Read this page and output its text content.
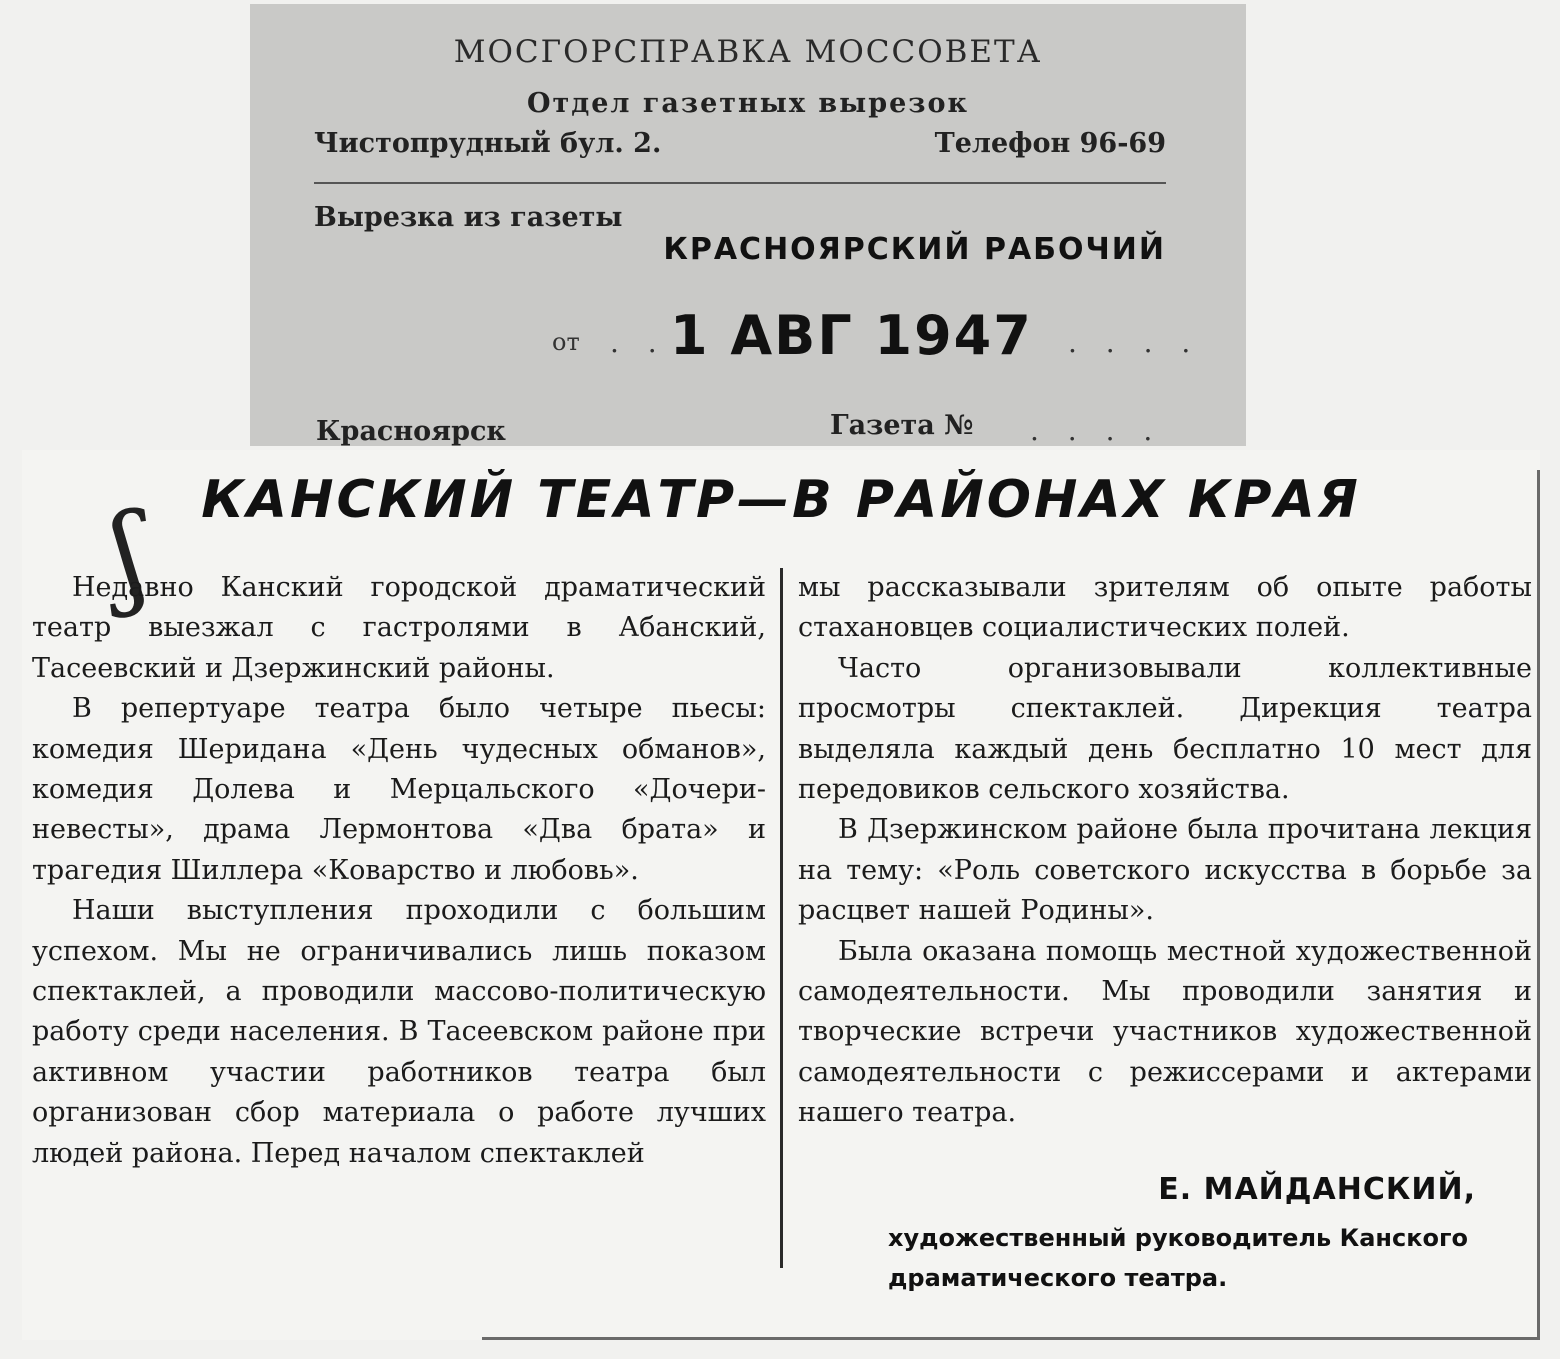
МОСГОРСПРАВКА МОССОВЕТА
Отдел газетных вырезок
Чистопрудный бул. 2.	Телефон 96-69
Вырезка из газеты
КРАСНОЯРСКИЙ РАБОЧИЙ
от . . 1 АВГ 1947 . . . .
Красноярск	Газета № . . . .
ʃ КАНСКИЙ ТЕАТР—В РАЙОНАХ КРАЯ

Недавно Канский городской драматический театр выезжал с гастролями в Абанский, Тасеевский и Дзержинский районы.

В репертуаре театра было четыре пьесы: комедия Шеридана «День чудесных обманов», комедия Долева и Мерцальского «Дочери-невесты», драма Лермонтова «Два брата» и трагедия Шиллера «Коварство и любовь».

Наши выступления проходили с большим успехом. Мы не ограничивались лишь показом спектаклей, а проводили массово-политическую работу среди населения. В Тасеевском районе при активном участии работников театра был организован сбор материала о работе лучших людей района. Перед началом спектаклей

мы рассказывали зрителям об опыте работы стахановцев социалистических полей.

Часто организовывали коллективные просмотры спектаклей. Дирекция театра выделяла каждый день бесплатно 10 мест для передовиков сельского хозяйства.

В Дзержинском районе была прочитана лекция на тему: «Роль советского искусства в борьбе за расцвет нашей Родины».

Была оказана помощь местной художественной самодеятельности. Мы проводили занятия и творческие встречи участников художественной самодеятельности с режиссерами и актерами нашего театра.

Е. МАЙДАНСКИЙ,
художественный руководитель Канского драматического театра.
